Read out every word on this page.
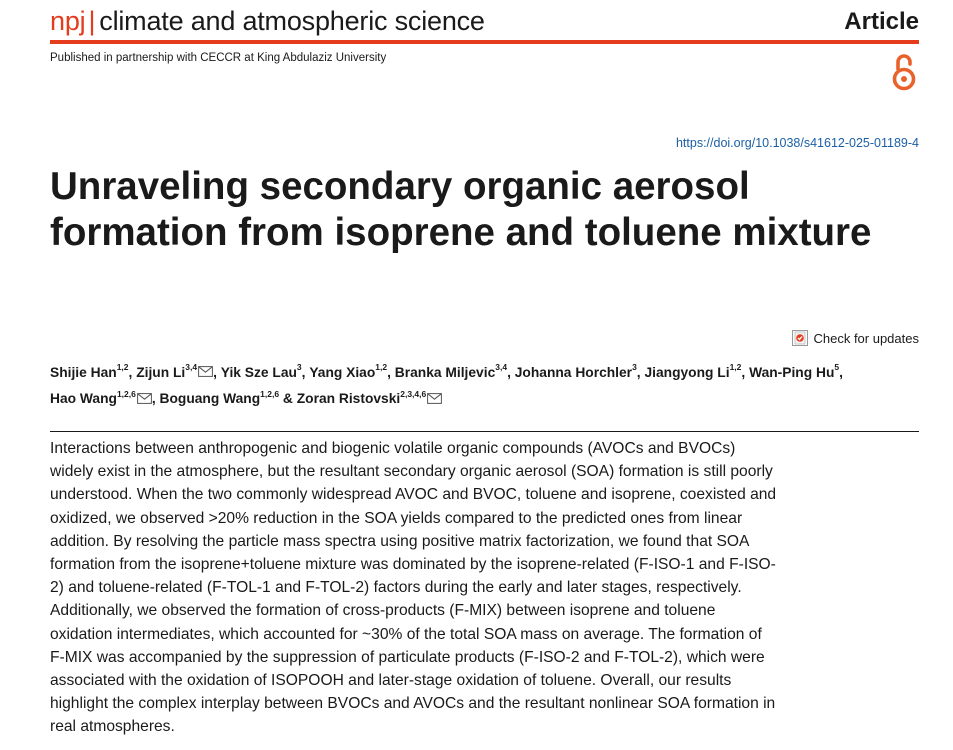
npj | climate and atmospheric science	Article
Published in partnership with CECCR at King Abdulaziz University
https://doi.org/10.1038/s41612-025-01189-4
Unraveling secondary organic aerosol formation from isoprene and toluene mixture
Check for updates
Shijie Han$^{1,2}$, Zijun Li$^{3,4}$ , Yik Sze Lau$^3$, Yang Xiao$^{1,2}$, Branka Miljevic$^{3,4}$, Johanna Horchler$^3$, Jiangyong Li$^{1,2}$, Wan-Ping Hu$^5$, Hao Wang$^{1,2,6}$ , Boguang Wang$^{1,2,6}$ & Zoran Ristovski$^{2,3,4,6}$

Interactions between anthropogenic and biogenic volatile organic compounds (AVOCs and BVOCs) widely exist in the atmosphere, but the resultant secondary organic aerosol (SOA) formation is still poorly understood. When the two commonly widespread AVOC and BVOC, toluene and isoprene, coexisted and oxidized, we observed >20% reduction in the SOA yields compared to the predicted ones from linear addition. By resolving the particle mass spectra using positive matrix factorization, we found that SOA formation from the isoprene+toluene mixture was dominated by the isoprene-related (F-ISO-1 and F-ISO-2) and toluene-related (F-TOL-1 and F-TOL-2) factors during the early and later stages, respectively. Additionally, we observed the formation of cross-products (F-MIX) between isoprene and toluene oxidation intermediates, which accounted for ~30% of the total SOA mass on average. The formation of F-MIX was accompanied by the suppression of particulate products (F-ISO-2 and F-TOL-2), which were associated with the oxidation of ISOPOOH and later-stage oxidation of toluene. Overall, our results highlight the complex interplay between BVOCs and AVOCs and the resultant nonlinear SOA formation in real atmospheres.
